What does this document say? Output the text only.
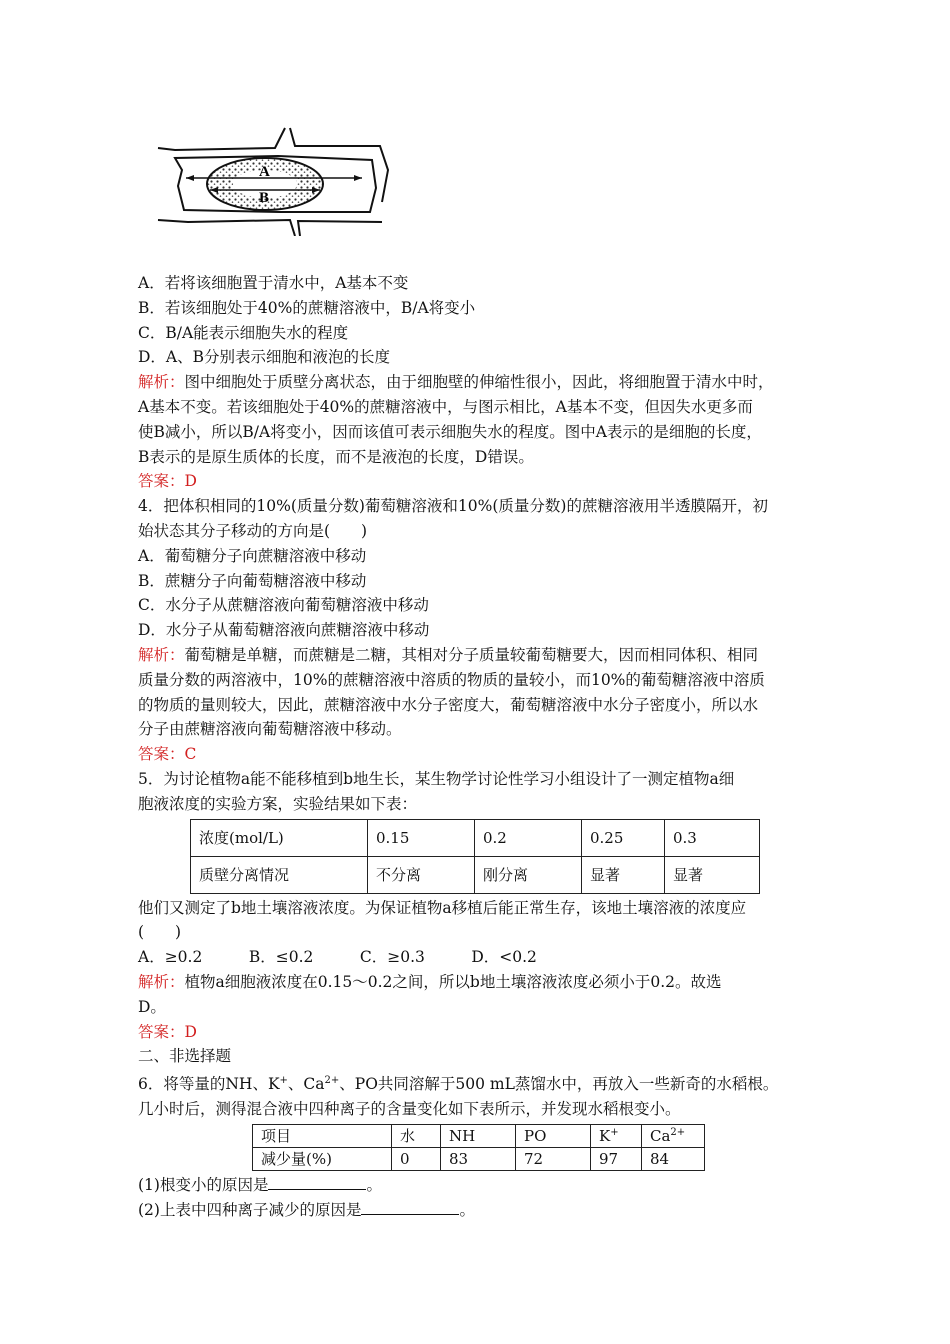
A
B
A．若将该细胞置于清水中，A基本不变
B．若该细胞处于40%的蔗糖溶液中，B/A将变小
C．B/A能表示细胞失水的程度
D．A、B分别表示细胞和液泡的长度
解析：图中细胞处于质壁分离状态，由于细胞壁的伸缩性很小，因此，将细胞置于清水中时，
A基本不变。若该细胞处于40%的蔗糖溶液中，与图示相比，A基本不变，但因失水更多而
使B减小，所以B/A将变小，因而该值可表示细胞失水的程度。图中A表示的是细胞的长度，
B表示的是原生质体的长度，而不是液泡的长度，D错误。
答案：D
4．把体积相同的10%(质量分数)葡萄糖溶液和10%(质量分数)的蔗糖溶液用半透膜隔开，初
始状态其分子移动的方向是(　　)
A．葡萄糖分子向蔗糖溶液中移动
B．蔗糖分子向葡萄糖溶液中移动
C．水分子从蔗糖溶液向葡萄糖溶液中移动
D．水分子从葡萄糖溶液向蔗糖溶液中移动
解析：葡萄糖是单糖，而蔗糖是二糖，其相对分子质量较葡萄糖要大，因而相同体积、相同
质量分数的两溶液中，10%的蔗糖溶液中溶质的物质的量较小，而10%的葡萄糖溶液中溶质
的物质的量则较大，因此，蔗糖溶液中水分子密度大，葡萄糖溶液中水分子密度小，所以水
分子由蔗糖溶液向葡萄糖溶液中移动。
答案：C
5．为讨论植物a能不能移植到b地生长，某生物学讨论性学习小组设计了一测定植物a细
胞液浓度的实验方案，实验结果如下表：
浓度(mol/L)	0.15	0.2	0.25	0.3
质壁分离情况	不分离	刚分离	显著	显著
他们又测定了b地土壤溶液浓度。为保证植物a移植后能正常生存，该地土壤溶液的浓度应
(　　)
A．≥0.2　　　B．≤0.2　　　C．≥0.3　　　D．<0.2
解析：植物a细胞液浓度在0.15～0.2之间，所以b地土壤溶液浓度必须小于0.2。故选
D。
答案：D
二、非选择题
6．将等量的NH、K+、$Ca^{2+}$、PO共同溶解于500 mL蒸馏水中，再放入一些新奇的水稻根。
几小时后，测得混合液中四种离子的含量变化如下表所示，并发现水稻根变小。
项目	水	NH	PO	K+	$Ca^{2+}$
减少量(%)	0	83	72	97	84
(1)根变小的原因是	。
(2)上表中四种离子减少的原因是	。
